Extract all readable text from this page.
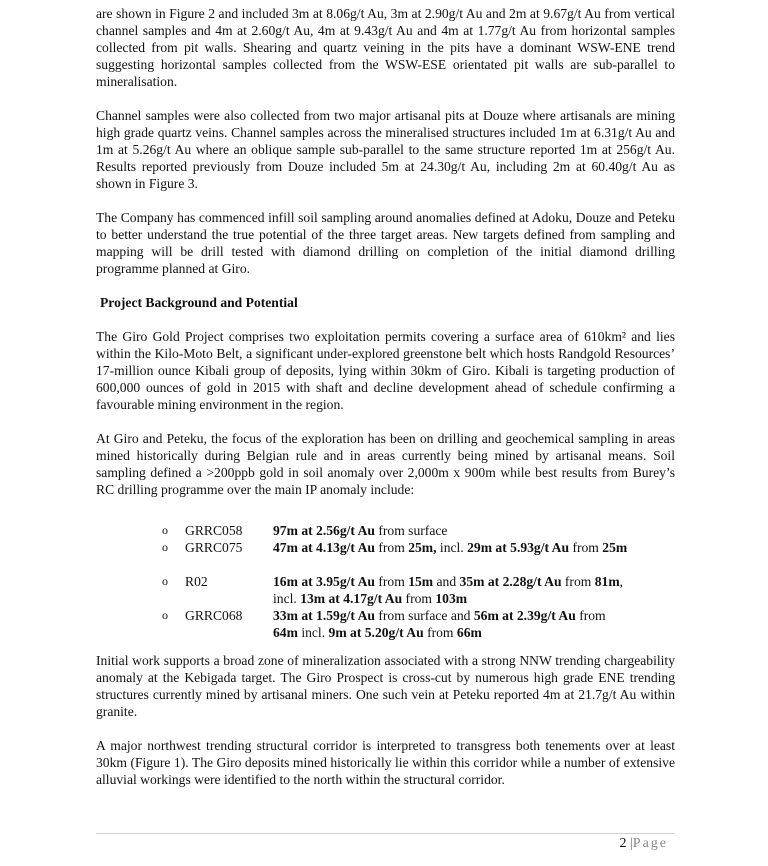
are shown in Figure 2 and included 3m at 8.06g/t Au, 3m at 2.90g/t Au and 2m at 9.67g/t Au from vertical channel samples and 4m at 2.60g/t Au, 4m at 9.43g/t Au and 4m at 1.77g/t Au from horizontal samples collected from pit walls. Shearing and quartz veining in the pits have a dominant WSW-ENE trend suggesting horizontal samples collected from the WSW-ESE orientated pit walls are sub-parallel to mineralisation.

Channel samples were also collected from two major artisanal pits at Douze where artisanals are mining high grade quartz veins. Channel samples across the mineralised structures included 1m at 6.31g/t Au and 1m at 5.26g/t Au where an oblique sample sub-parallel to the same structure reported 1m at 256g/t Au. Results reported previously from Douze included 5m at 24.30g/t Au, including 2m at 60.40g/t Au as shown in Figure 3.

The Company has commenced infill soil sampling around anomalies defined at Adoku, Douze and Peteku to better understand the true potential of the three target areas. New targets defined from sampling and mapping will be drill tested with diamond drilling on completion of the initial diamond drilling programme planned at Giro.

Project Background and Potential

The Giro Gold Project comprises two exploitation permits covering a surface area of 610km² and lies within the Kilo-Moto Belt, a significant under-explored greenstone belt which hosts Randgold Resources’ 17-million ounce Kibali group of deposits, lying within 30km of Giro. Kibali is targeting production of 600,000 ounces of gold in 2015 with shaft and decline development ahead of schedule confirming a favourable mining environment in the region.

At Giro and Peteku, the focus of the exploration has been on drilling and geochemical sampling in areas mined historically during Belgian rule and in areas currently being mined by artisanal means. Soil sampling defined a >200ppb gold in soil anomaly over 2,000m x 900m while best results from Burey’s RC drilling programme over the main IP anomaly include:

o GRRC058 97m at 2.56g/t Au from surface
o GRRC075 47m at 4.13g/t Au from 25m, incl. 29m at 5.93g/t Au from 25m
o R02	16m at 3.95g/t Au from 15m and 35m at 2.28g/t Au from 81m, incl. 13m at 4.17g/t Au from 103m
o GRRC068 33m at 1.59g/t Au from surface and 56m at 2.39g/t Au from 64m incl. 9m at 5.20g/t Au from 66m

Initial work supports a broad zone of mineralization associated with a strong NNW trending chargeability anomaly at the Kebigada target. The Giro Prospect is cross-cut by numerous high grade ENE trending structures currently mined by artisanal miners. One such vein at Peteku reported 4m at 21.7g/t Au within granite.

A major northwest trending structural corridor is interpreted to transgress both tenements over at least 30km (Figure 1). The Giro deposits mined historically lie within this corridor while a number of extensive alluvial workings were identified to the north within the structural corridor.

2 |Page
